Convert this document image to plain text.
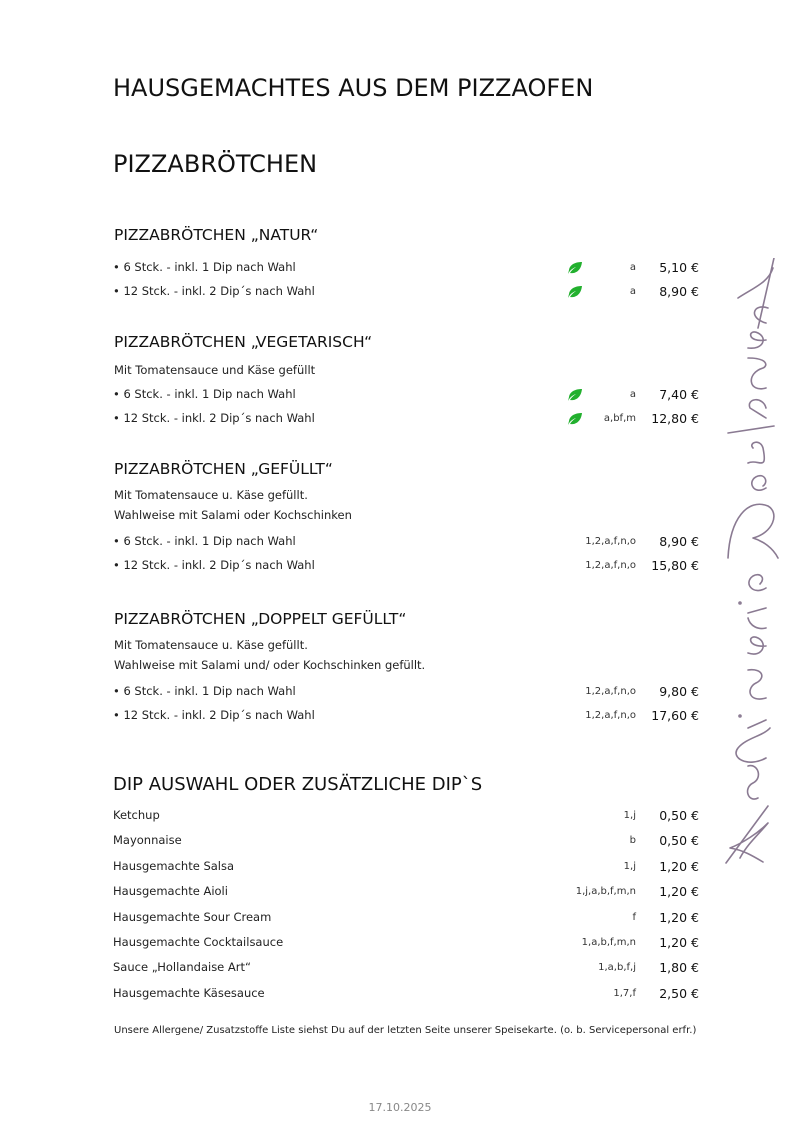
HAUSGEMACHTES AUS DEM PIZZAOFEN
PIZZABRÖTCHEN
PIZZABRÖTCHEN „NATUR“
• 6 Stck. - inkl. 1 Dip nach Wahl	a 5,10 €
• 12 Stck. - inkl. 2 Dip´s nach Wahl	a 8,90 €
PIZZABRÖTCHEN „VEGETARISCH“
Mit Tomatensauce und Käse gefüllt
• 6 Stck. - inkl. 1 Dip nach Wahl	a 7,40 €
• 12 Stck. - inkl. 2 Dip´s nach Wahl	a,bf,m 12,80 €
PIZZABRÖTCHEN „GEFÜLLT“
Mit Tomatensauce u. Käse gefüllt.
Wahlweise mit Salami oder Kochschinken
• 6 Stck. - inkl. 1 Dip nach Wahl	1,2,a,f,n,o 8,90 €
• 12 Stck. - inkl. 2 Dip´s nach Wahl	1,2,a,f,n,o 15,80 €
PIZZABRÖTCHEN „DOPPELT GEFÜLLT“
Mit Tomatensauce u. Käse gefüllt.
Wahlweise mit Salami und/ oder Kochschinken gefüllt.
• 6 Stck. - inkl. 1 Dip nach Wahl	1,2,a,f,n,o 9,80 €
• 12 Stck. - inkl. 2 Dip´s nach Wahl	1,2,a,f,n,o 17,60 €
DIP AUSWAHL ODER ZUSÄTZLICHE DIP`S
Ketchup	1,j 0,50 €
Mayonnaise	b 0,50 €
Hausgemachte Salsa	1,j 1,20 €
Hausgemachte Aioli	1,j,a,b,f,m,n 1,20 €
Hausgemachte Sour Cream	f 1,20 €
Hausgemachte Cocktailsauce	1,a,b,f,m,n 1,20 €
Sauce „Hollandaise Art“	1,a,b,f,j 1,80 €
Hausgemachte Käsesauce	1,7,f 2,50 €
Unsere Allergene/ Zusatzstoffe Liste siehst Du auf der letzten Seite unserer Speisekarte. (o. b. Servicepersonal erfr.)
17.10.2025
